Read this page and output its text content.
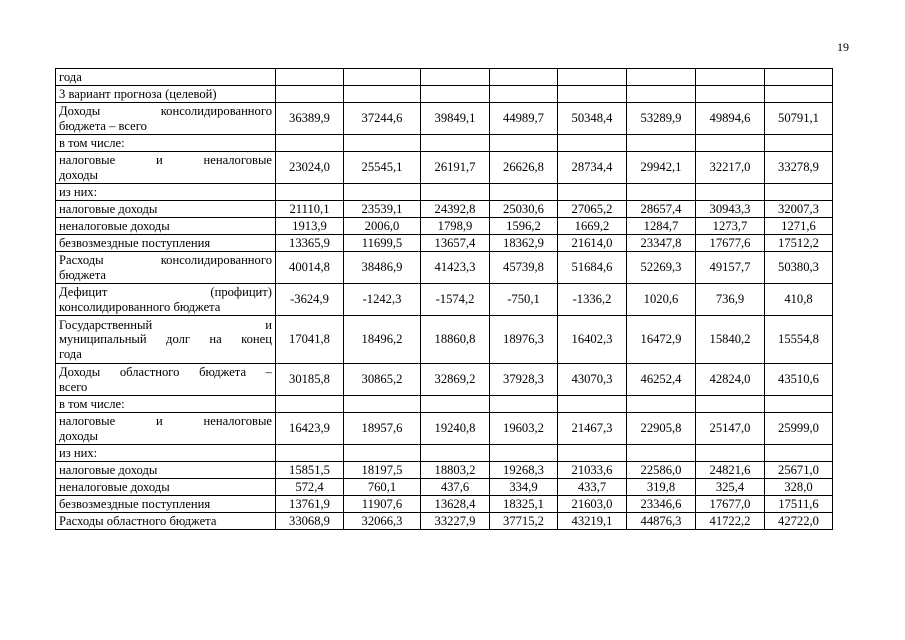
19
года								

3 вариант прогноза (целевой)								

Доходы консолидированного
бюджета – всего	36389,9	37244,6	39849,1	44989,7	50348,4	53289,9	49894,6	50791,1

в том числе:								

налоговые и неналоговые
доходы	23024,0	25545,1	26191,7	26626,8	28734,4	29942,1	32217,0	33278,9

из них:								

налоговые доходы	21110,1	23539,1	24392,8	25030,6	27065,2	28657,4	30943,3	32007,3

неналоговые доходы	1913,9	2006,0	1798,9	1596,2	1669,2	1284,7	1273,7	1271,6

безвозмездные поступления	13365,9	11699,5	13657,4	18362,9	21614,0	23347,8	17677,6	17512,2

Расходы консолидированного
бюджета	40014,8	38486,9	41423,3	45739,8	51684,6	52269,3	49157,7	50380,3

Дефицит (профицит)
консолидированного бюджета	-3624,9	-1242,3	-1574,2	-750,1	-1336,2	1020,6	736,9	410,8

Государственный и
муниципальный долг на конец
года	17041,8	18496,2	18860,8	18976,3	16402,3	16472,9	15840,2	15554,8

Доходы областного бюджета –
всего	30185,8	30865,2	32869,2	37928,3	43070,3	46252,4	42824,0	43510,6

в том числе:								

налоговые и неналоговые
доходы	16423,9	18957,6	19240,8	19603,2	21467,3	22905,8	25147,0	25999,0

из них:								

налоговые доходы	15851,5	18197,5	18803,2	19268,3	21033,6	22586,0	24821,6	25671,0

неналоговые доходы	572,4	760,1	437,6	334,9	433,7	319,8	325,4	328,0

безвозмездные поступления	13761,9	11907,6	13628,4	18325,1	21603,0	23346,6	17677,0	17511,6

Расходы областного бюджета	33068,9	32066,3	33227,9	37715,2	43219,1	44876,3	41722,2	42722,0
